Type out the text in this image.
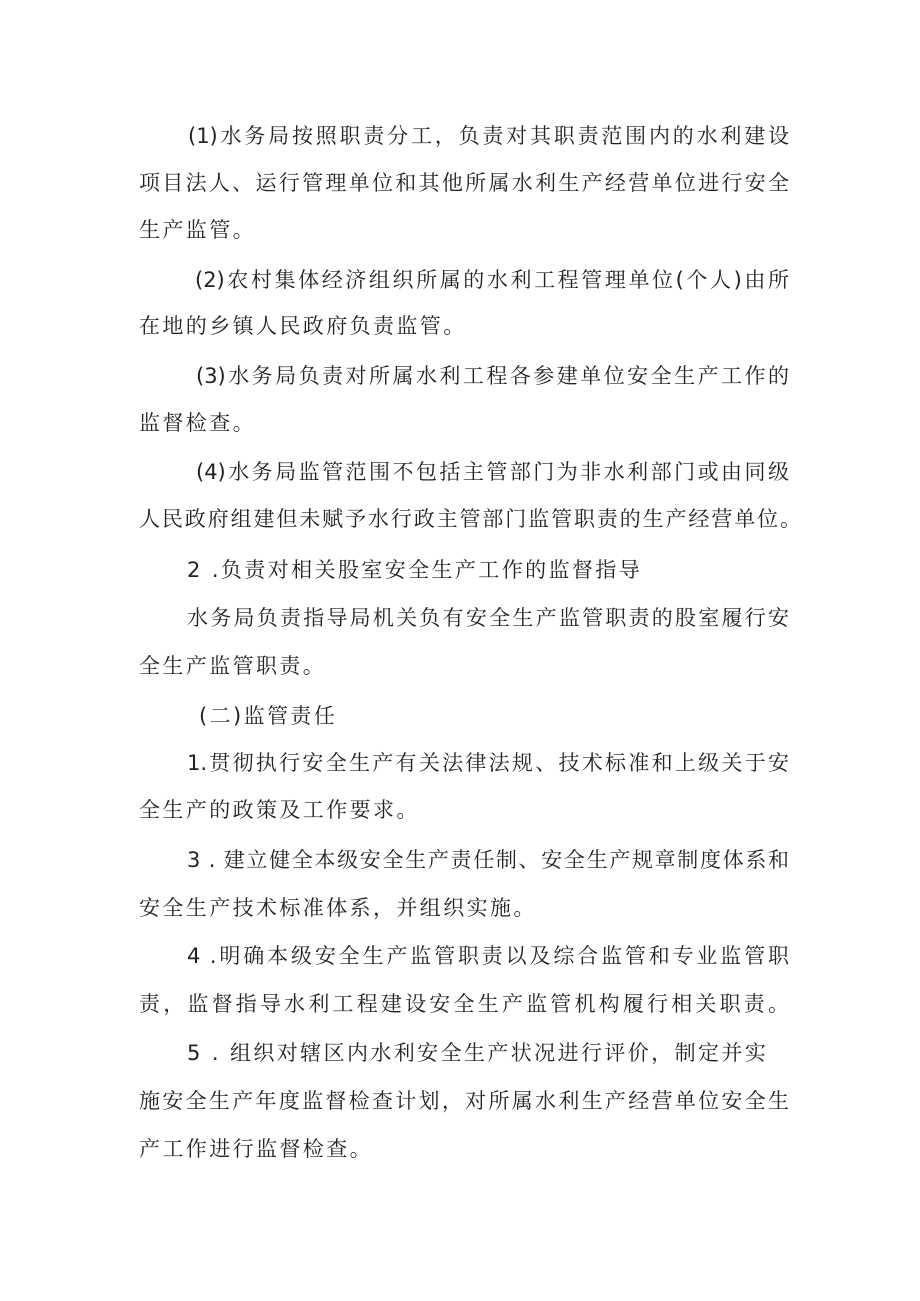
(1)水务局按照职责分工，负责对其职责范围内的水利建设
项目法人、运行管理单位和其他所属水利生产经营单位进行安全
生产监管。
(2)农村集体经济组织所属的水利工程管理单位(个人)由所
在地的乡镇人民政府负责监管。
(3)水务局负责对所属水利工程各参建单位安全生产工作的
监督检查。
(4)水务局监管范围不包括主管部门为非水利部门或由同级
人民政府组建但未赋予水行政主管部门监管职责的生产经营单位。
2 .负责对相关股室安全生产工作的监督指导
水务局负责指导局机关负有安全生产监管职责的股室履行安
全生产监管职责。
(二)监管责任
1.贯彻执行安全生产有关法律法规、技术标准和上级关于安
全生产的政策及工作要求。
3 . 建立健全本级安全生产责任制、安全生产规章制度体系和
安全生产技术标准体系，并组织实施。
4 .明确本级安全生产监管职责以及综合监管和专业监管职
责，监督指导水利工程建设安全生产监管机构履行相关职责。
5 . 组织对辖区内水利安全生产状况进行评价，制定并实
施安全生产年度监督检查计划，对所属水利生产经营单位安全生
产工作进行监督检查。
